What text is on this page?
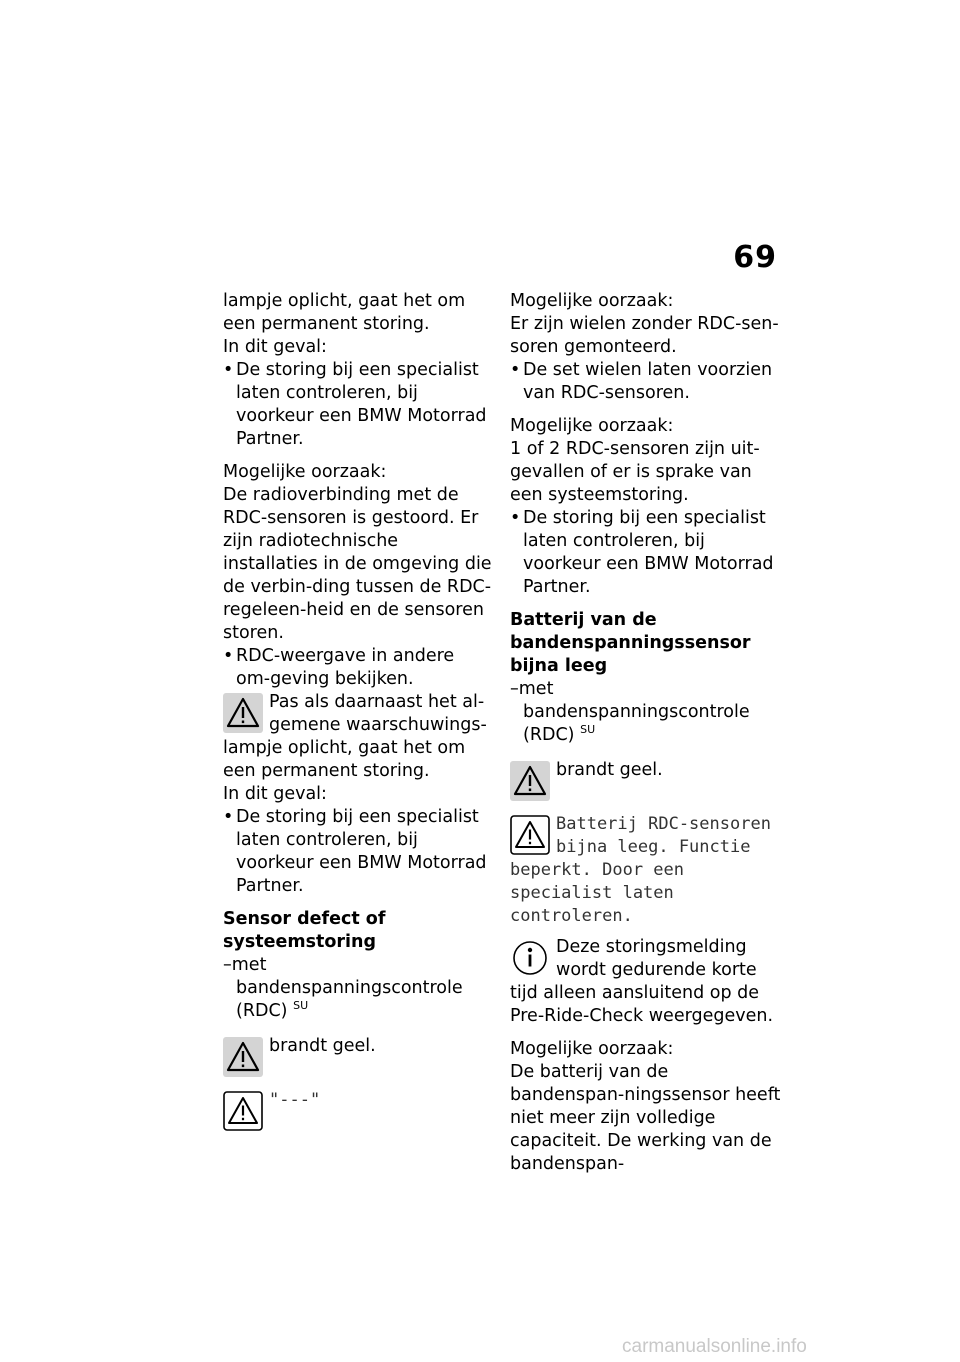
69

lampje oplicht, gaat het om een permanent storing.

In dit geval:

• De storing bij een specialist laten controleren, bij voorkeur een BMW Motorrad Partner.

Mogelijke oorzaak:

De radioverbinding met de RDC-sensoren is gestoord. Er zijn radiotechnische installaties in de omgeving die de verbin-ding tussen de RDC-regeleen-heid en de sensoren storen.

• RDC-weergave in andere om-geving bekijken.

Pas als daarnaast het al-gemene waarschuwings-lampje oplicht, gaat het om een permanent storing.

In dit geval:

• De storing bij een specialist laten controleren, bij voorkeur een BMW Motorrad Partner.

Sensor defect of systeemstoring

–met bandenspanningscontrole (RDC) $^{SU}$

brandt geel.

"---"

Mogelijke oorzaak:

Er zijn wielen zonder RDC-sen-soren gemonteerd.

• De set wielen laten voorzien van RDC-sensoren.

Mogelijke oorzaak:

1 of 2 RDC-sensoren zijn uit-gevallen of er is sprake van een systeemstoring.

• De storing bij een specialist laten controleren, bij voorkeur een BMW Motorrad Partner.

Batterij van de bandenspanningssensor bijna leeg

–met bandenspanningscontrole (RDC) $^{SU}$

brandt geel.

Batterij RDC-sensoren bijna leeg. Functie beperkt. Door een specialist laten controleren.

Deze storingsmelding wordt gedurende korte tijd alleen aansluitend op de Pre-Ride-Check weergegeven.

Mogelijke oorzaak:

De batterij van de bandenspan-ningssensor heeft niet meer zijn volledige capaciteit. De werking van de bandenspan-

carmanualsonline.info
